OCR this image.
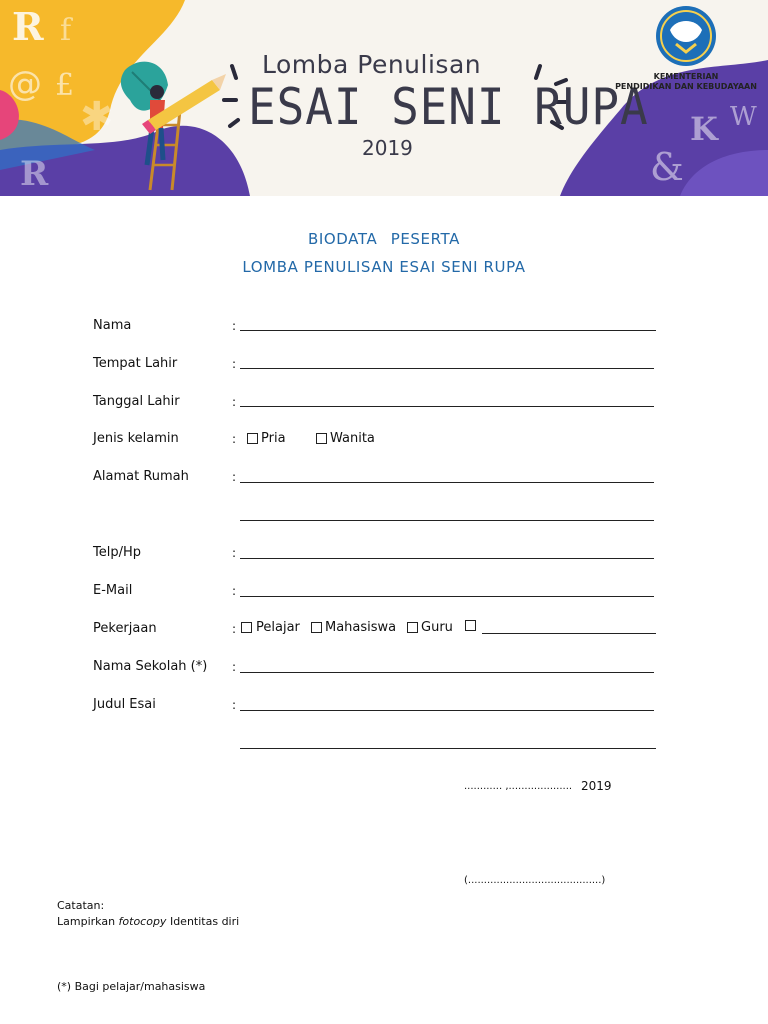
R f
@ £
R
✱	K W
&
Lomba Penulisan
ESAI SENI RUPA
2019
KEMENTERIAN
PENDIDIKAN DAN KEBUDAYAAN
BIODATA PESERTA
LOMBA PENULISAN ESAI SENI RUPA
Nama	:
Tempat Lahir	:
Tanggal Lahir	:
Jenis kelamin	: Pria	Wanita
Alamat Rumah	:
Telp/Hp	:
E-Mail	:
Pekerjaan	: Pelajar Mahasiswa Guru
Nama Sekolah (*) :
Judul Esai	:
............ ,.................... 2019
(..........................................)
Catatan:
Lampirkan fotocopy Identitas diri
(*) Bagi pelajar/mahasiswa
